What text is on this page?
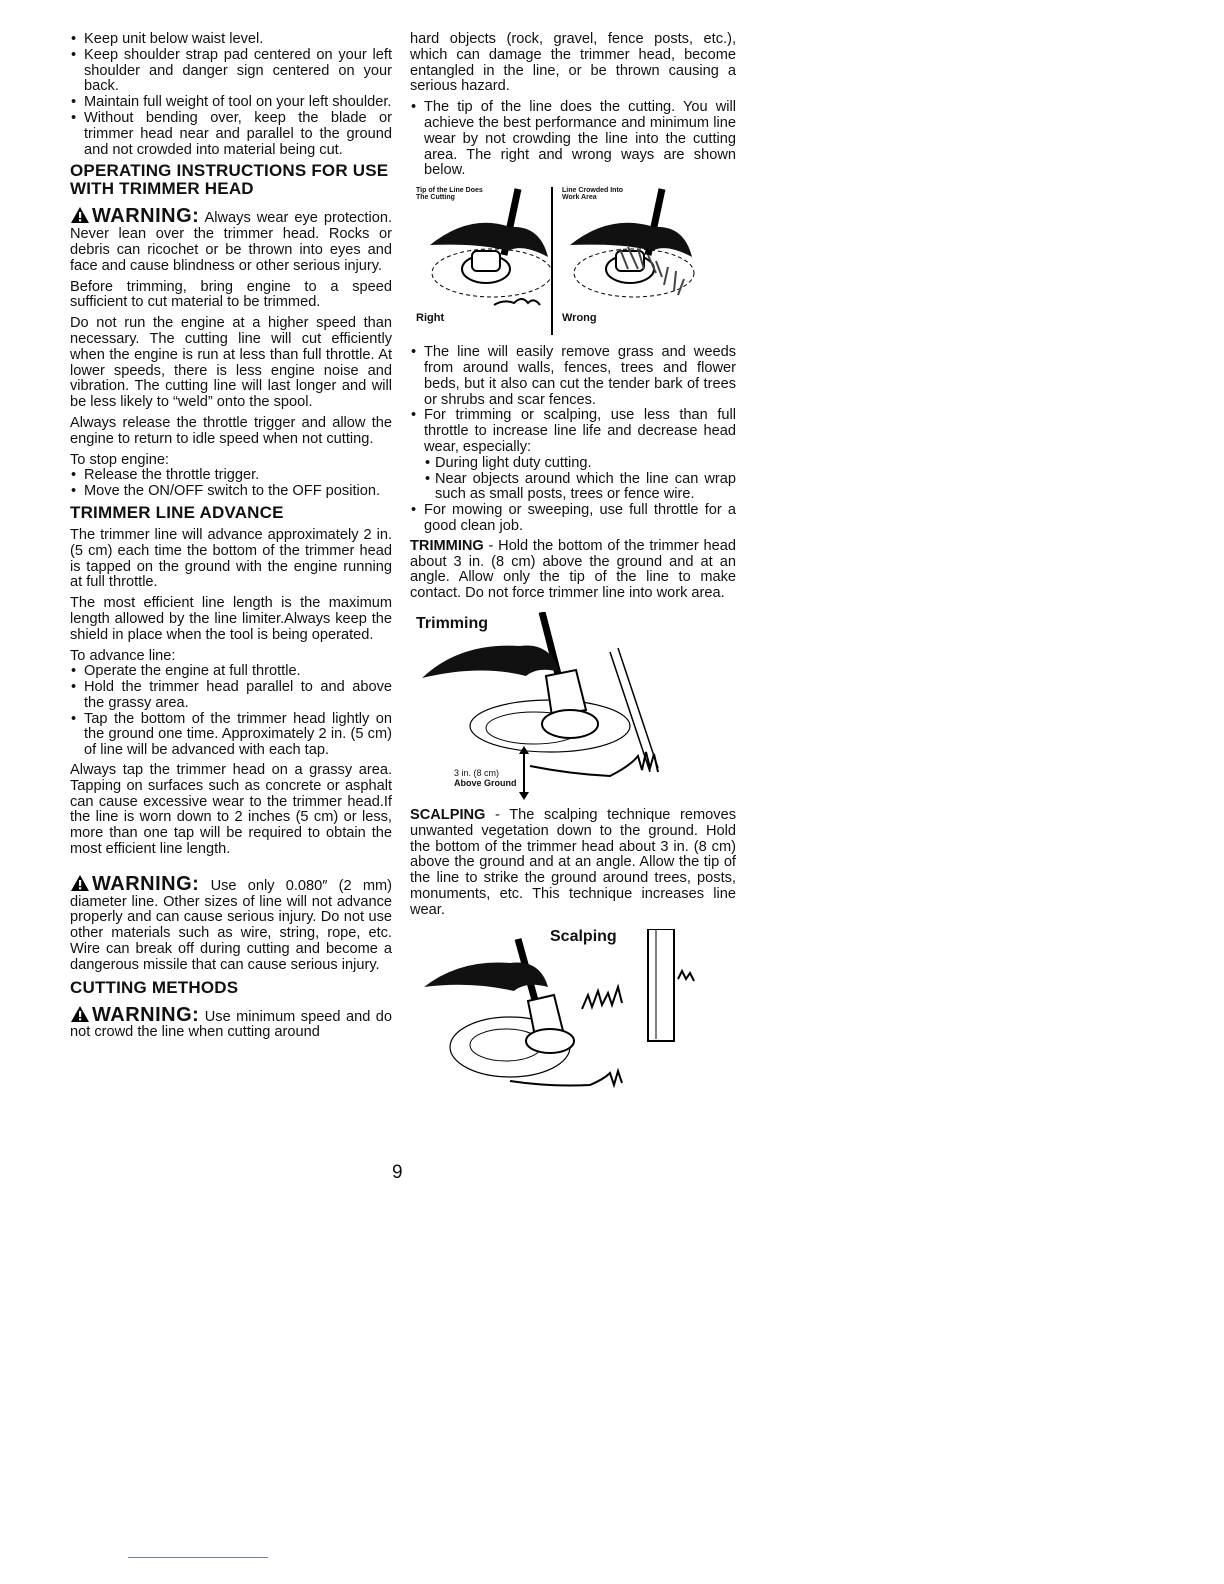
• Keep unit below waist level.
• Keep shoulder strap pad centered on your left shoulder and danger sign centered on your back.
• Maintain full weight of tool on your left shoulder.
• Without bending over, keep the blade or trimmer head near and parallel to the ground and not crowded into material being cut.
OPERATING INSTRUCTIONS FOR USE WITH TRIMMER HEAD

WARNING: Always wear eye protection. Never lean over the trimmer head. Rocks or debris can ricochet or be thrown into eyes and face and cause blindness or other serious injury.

Before trimming, bring engine to a speed sufficient to cut material to be trimmed.

Do not run the engine at a higher speed than necessary. The cutting line will cut efficiently when the engine is run at less than full throttle. At lower speeds, there is less engine noise and vibration. The cutting line will last longer and will be less likely to “weld” onto the spool.

Always release the throttle trigger and allow the engine to return to idle speed when not cutting.

To stop engine:

• Release the throttle trigger.
• Move the ON/OFF switch to the OFF position.
TRIMMER LINE ADVANCE

The trimmer line will advance approximately 2 in. (5 cm) each time the bottom of the trimmer head is tapped on the ground with the engine running at full throttle.

The most efficient line length is the maximum length allowed by the line limiter.Always keep the shield in place when the tool is being operated.

To advance line:

• Operate the engine at full throttle.
• Hold the trimmer head parallel to and above the grassy area.
• Tap the bottom of the trimmer head lightly on the ground one time. Approximately 2 in. (5 cm) of line will be advanced with each tap.

Always tap the trimmer head on a grassy area. Tapping on surfaces such as concrete or asphalt can cause excessive wear to the trimmer head.If the line is worn down to 2 inches (5 cm) or less, more than one tap will be required to obtain the most efficient line length.

WARNING: Use only 0.080″ (2 mm) diameter line. Other sizes of line will not advance properly and can cause serious injury. Do not use other materials such as wire, string, rope, etc. Wire can break off during cutting and become a dangerous missile that can cause serious injury.

CUTTING METHODS

WARNING: Use minimum speed and do not crowd the line when cutting around

hard objects (rock, gravel, fence posts, etc.), which can damage the trimmer head, become entangled in the line, or be thrown causing a serious hazard.

• The tip of the line does the cutting. You will achieve the best performance and minimum line wear by not crowding the line into the cutting area. The right and wrong ways are shown below.
Tip of the Line Does The Cutting
Line Crowded Into Work Area
Right	Wrong
• The line will easily remove grass and weeds from around walls, fences, trees and flower beds, but it also can cut the tender bark of trees or shrubs and scar fences.
• For trimming or scalping, use less than full throttle to increase line life and decrease head wear, especially:
• During light duty cutting.
• Near objects around which the line can wrap such as small posts, trees or fence wire.
• For mowing or sweeping, use full throttle for a good clean job.

TRIMMING - Hold the bottom of the trimmer head about 3 in. (8 cm) above the ground and at an angle. Allow only the tip of the line to make contact. Do not force trimmer line into work area.

Trimming
3 in. (8 cm)
Above Ground

SCALPING - The scalping technique removes unwanted vegetation down to the ground. Hold the bottom of the trimmer head about 3 in. (8 cm) above the ground and at an angle. Allow the tip of the line to strike the ground around trees, posts, monuments, etc. This technique increases line wear.

Scalping
9
